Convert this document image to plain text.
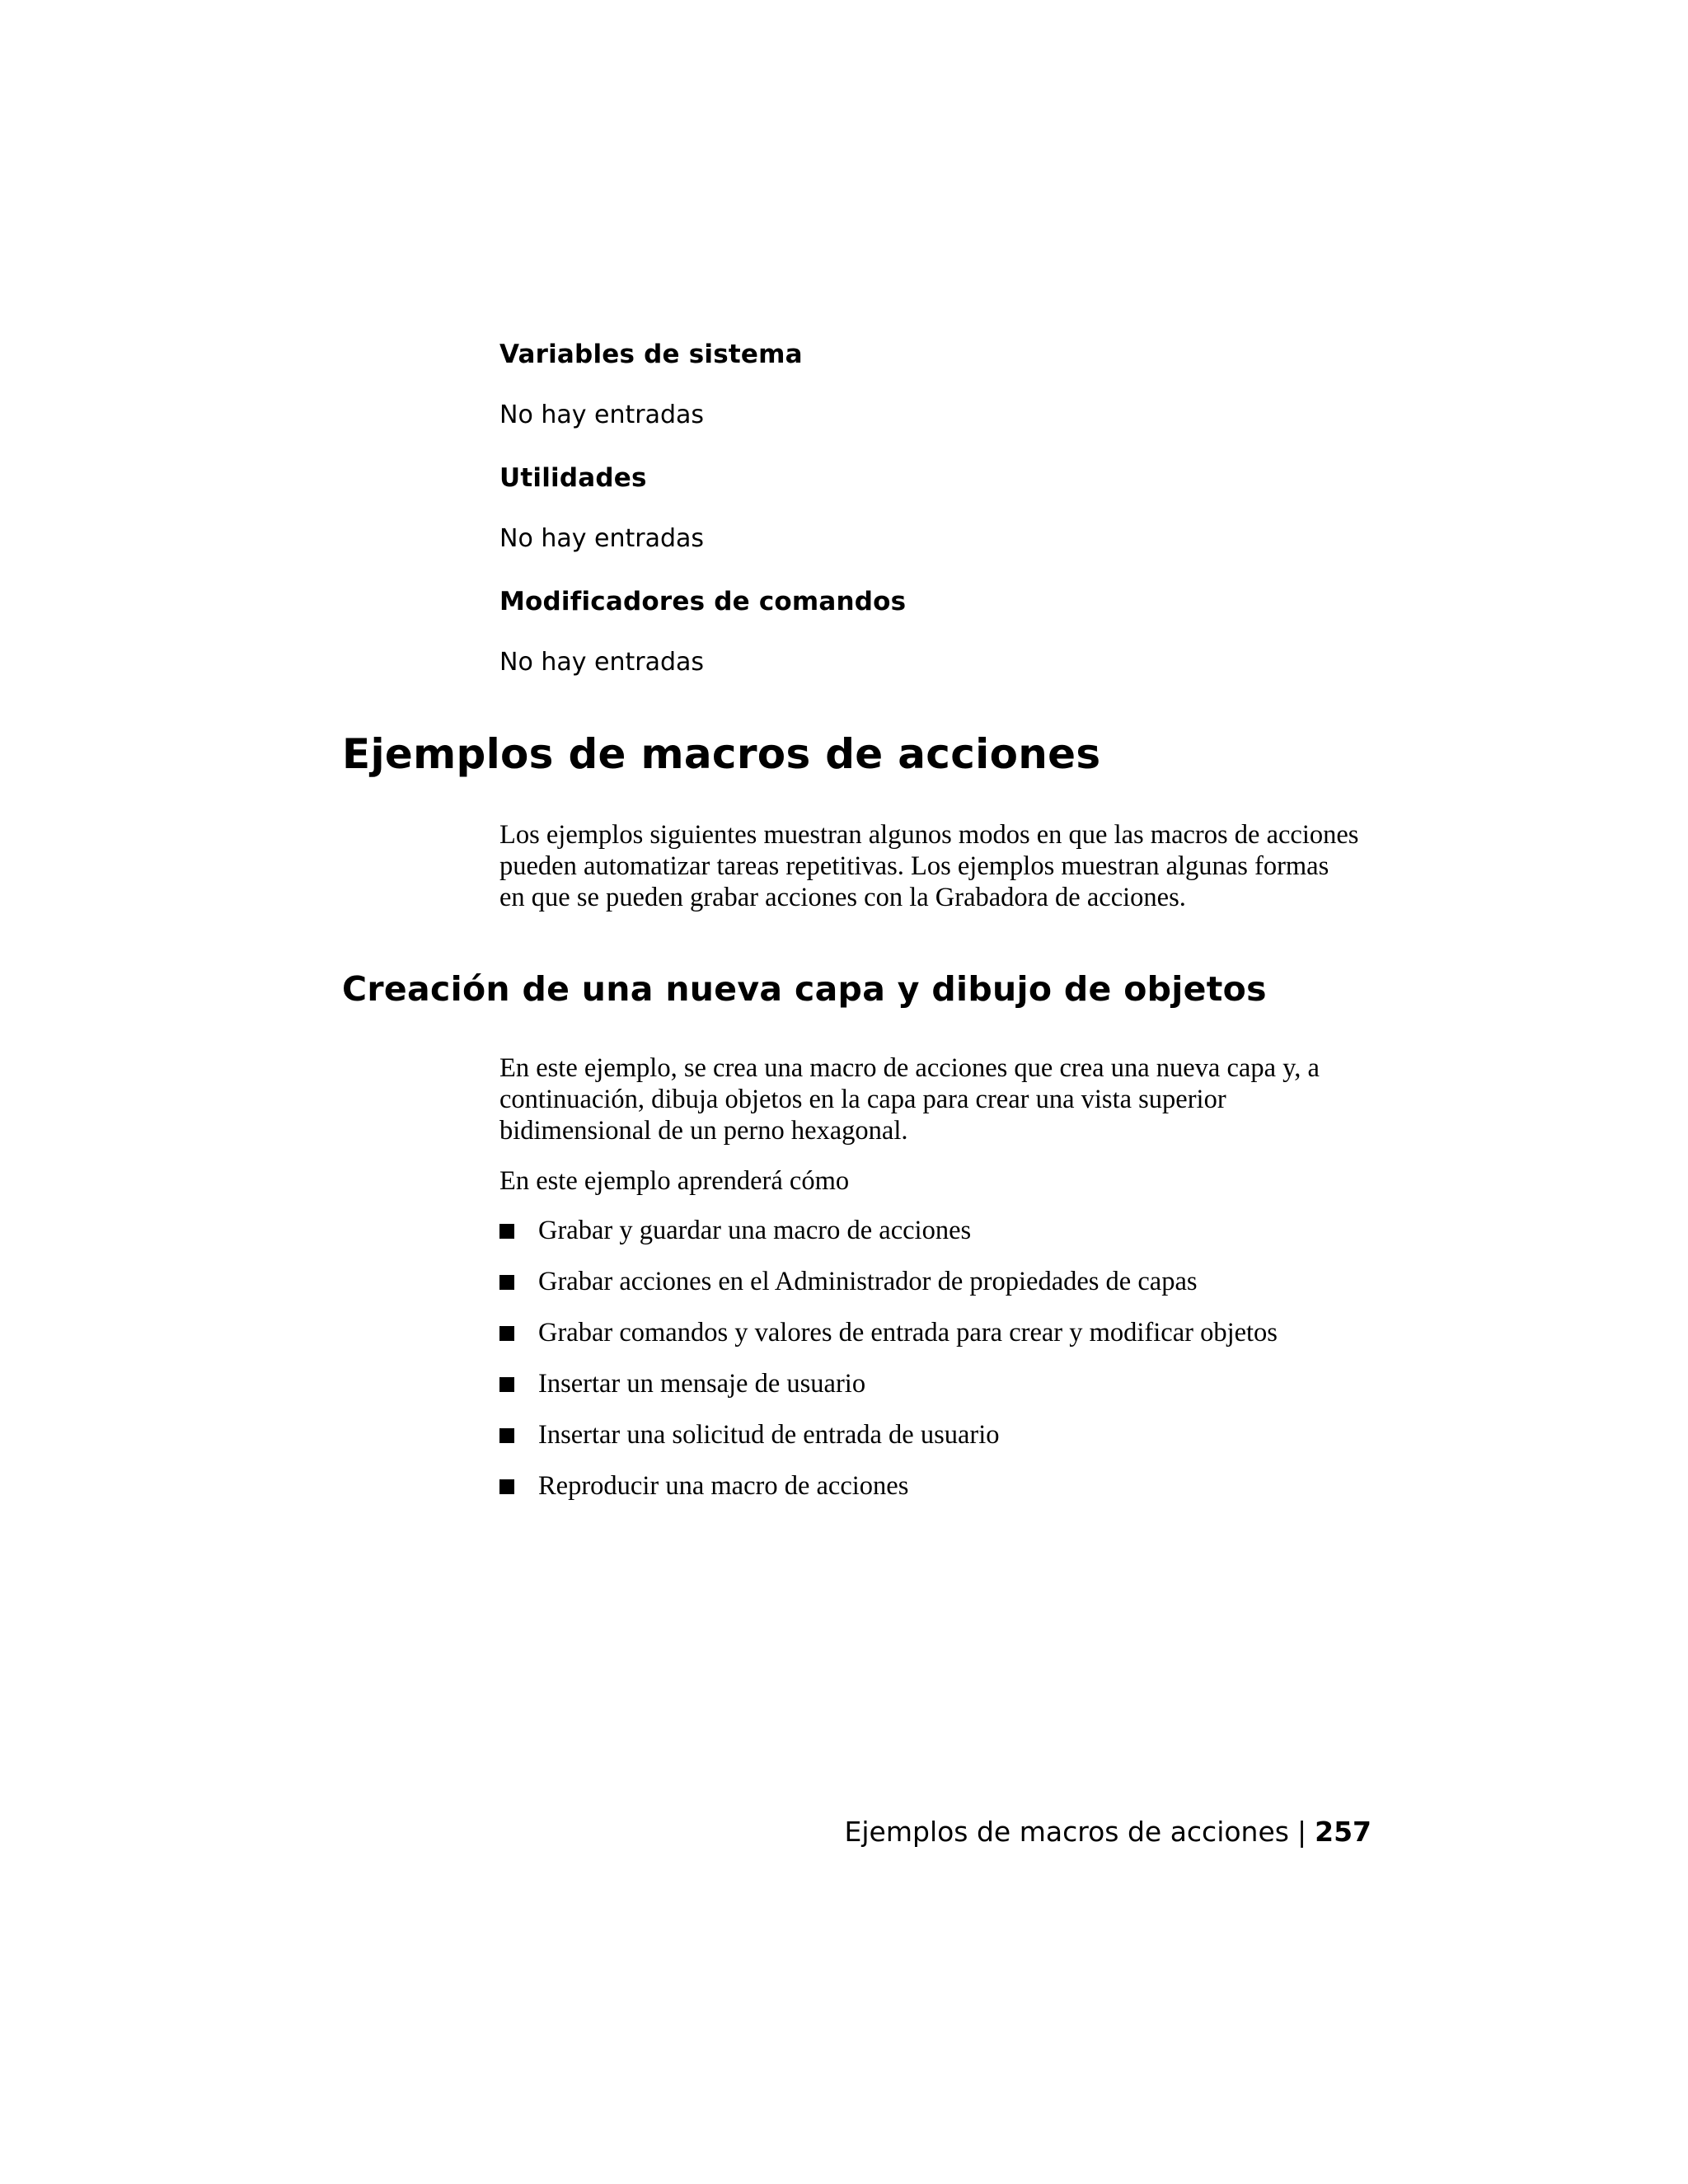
Variables de sistema

No hay entradas

Utilidades

No hay entradas

Modificadores de comandos

No hay entradas

Ejemplos de macros de acciones
Los ejemplos siguientes muestran algunos modos en que las macros de acciones
pueden automatizar tareas repetitivas. Los ejemplos muestran algunas formas
en que se pueden grabar acciones con la Grabadora de acciones.
Creación de una nueva capa y dibujo de objetos
En este ejemplo, se crea una macro de acciones que crea una nueva capa y, a
continuación, dibuja objetos en la capa para crear una vista superior
bidimensional de un perno hexagonal.

En este ejemplo aprenderá cómo

Grabar y guardar una macro de acciones
Grabar acciones en el Administrador de propiedades de capas
Grabar comandos y valores de entrada para crear y modificar objetos
Insertar un mensaje de usuario
Insertar una solicitud de entrada de usuario
Reproducir una macro de acciones
Ejemplos de macros de acciones | 257
